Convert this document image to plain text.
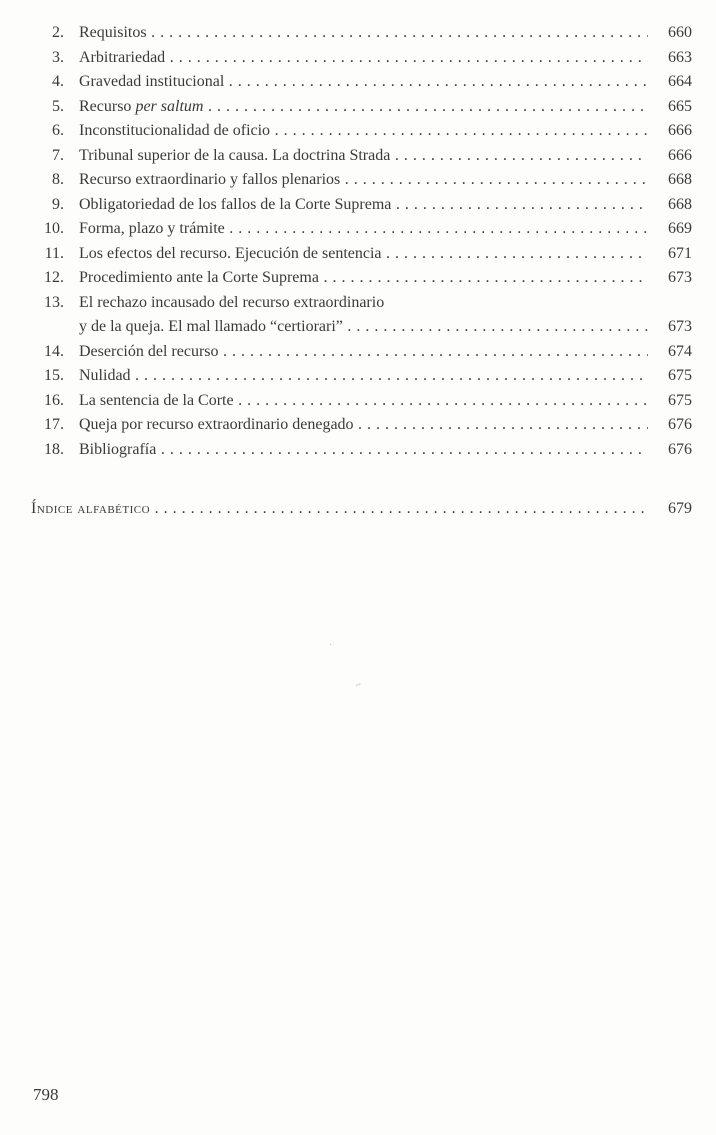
2. Requisitos . . .	660
3. Arbitrariedad . . .	663
4. Gravedad institucional . . .	664
5. Recurso per saltum . . .	665
6. Inconstitucionalidad de oficio . . .	666
7. Tribunal superior de la causa. La doctrina Strada . . .	666
8. Recurso extraordinario y fallos plenarios . . .	668
9. Obligatoriedad de los fallos de la Corte Suprema . . .	668
10. Forma, plazo y trámite . . .	669
11. Los efectos del recurso. Ejecución de sentencia . . .	671
12. Procedimiento ante la Corte Suprema . . .	673
13. El rechazo incausado del recurso extraordinario
y de la queja. El mal llamado “certiorari” . . .	673
14. Deserción del recurso . . .	674
15. Nulidad . . .	675
16. La sentencia de la Corte . . .	675
17. Queja por recurso extraordinario denegado . . .	676
18. Bibliografía . . .	676
Índice alfabético . . .	679
·
~
798
